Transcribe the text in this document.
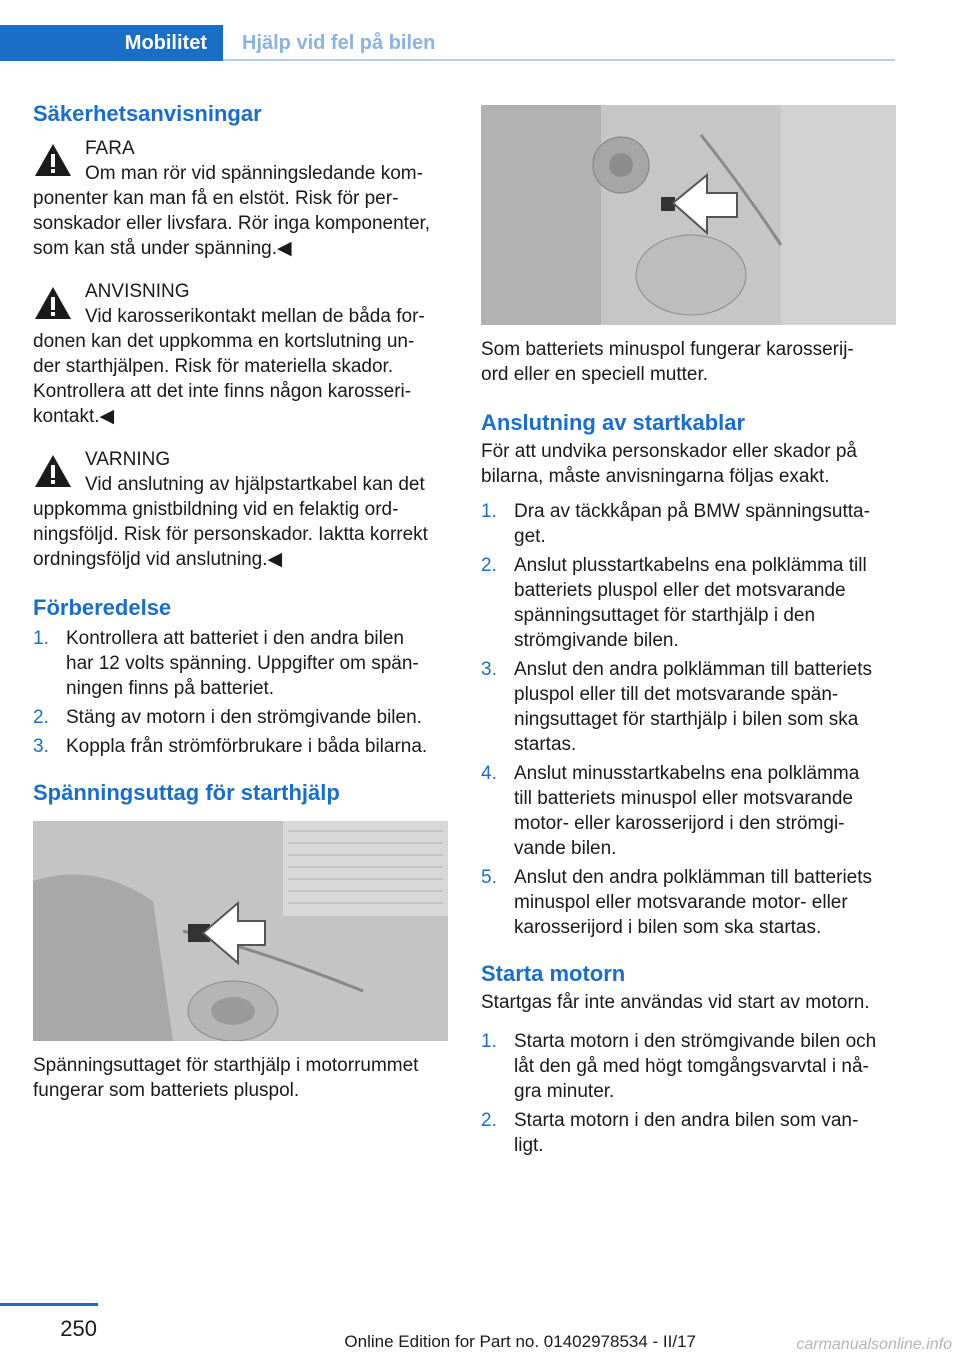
Mobilitet	Hjälp vid fel på bilen
Säkerhetsanvisningar

FARA

Om man rör vid spänningsledande kom-

ponenter kan man få en elstöt. Risk för per-

sonskador eller livsfara. Rör inga komponenter,

som kan stå under spänning.◀

ANVISNING

Vid karosserikontakt mellan de båda for-

donen kan det uppkomma en kortslutning un-

der starthjälpen. Risk för materiella skador.

Kontrollera att det inte finns någon karosseri-

kontakt.◀

VARNING

Vid anslutning av hjälpstartkabel kan det

uppkomma gnistbildning vid en felaktig ord-

ningsföljd. Risk för personskador. Iaktta korrekt

ordningsföljd vid anslutning.◀

Förberedelse
1. Kontrollera att batteriet i den andra bilen
har 12 volts spänning. Uppgifter om spän-
ningen finns på batteriet.
2. Stäng av motorn i den strömgivande bilen.
3. Koppla från strömförbrukare i båda bilarna.
Spänningsuttag för starthjälp

Spänningsuttaget för starthjälp i motorrummet

fungerar som batteriets pluspol.

Som batteriets minuspol fungerar karosserij-

ord eller en speciell mutter.

Anslutning av startkablar

För att undvika personskador eller skador på

bilarna, måste anvisningarna följas exakt.

1. Dra av täckkåpan på BMW spänningsutta-
get.
2. Anslut plusstartkabelns ena polklämma till
batteriets pluspol eller det motsvarande
spänningsuttaget för starthjälp i den
strömgivande bilen.
3. Anslut den andra polklämman till batteriets
pluspol eller till det motsvarande spän-
ningsuttaget för starthjälp i bilen som ska
startas.
4. Anslut minusstartkabelns ena polklämma
till batteriets minuspol eller motsvarande
motor- eller karosserijord i den strömgi-
vande bilen.
5. Anslut den andra polklämman till batteriets
minuspol eller motsvarande motor- eller
karosserijord i bilen som ska startas.
Starta motorn

Startgas får inte användas vid start av motorn.

1. Starta motorn i den strömgivande bilen och
låt den gå med högt tomgångsvarvtal i nå-
gra minuter.
2. Starta motorn i den andra bilen som van-
ligt.
250
Online Edition for Part no. 01402978534 - II/17	carmanualsonline.info
